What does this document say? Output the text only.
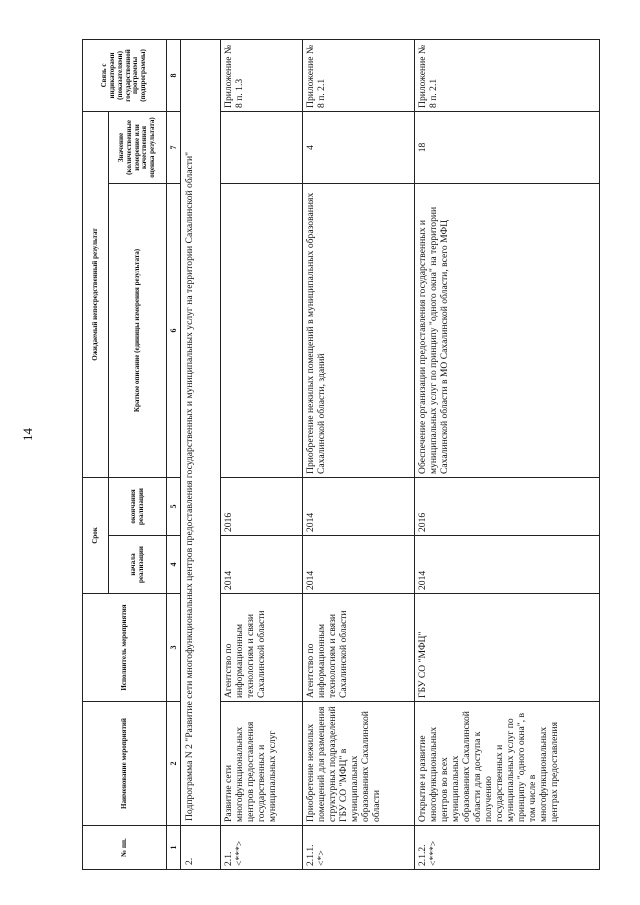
14
№ пп.	Наименование мероприятий	Исполнитель мероприятия	Срок		Ожидаемый непосредственный результат		Связь с индикаторами (показателями) государственной программы (подпрограммы)
			начала реализации	окончания реализации	Краткое описание (единицы измерения результата)	Значение (количественные измерение или качественная оценка результата)	
1	2	3	4	5	6	7	8
2.	Подпрограмма N 2 "Развитие сети многофункциональных центров предоставления государственных и муниципальных услуг на территории Сахалинской области"						
2.1. <***>	Развитие сети многофункциональных центров предоставления государственных и муниципальных услуг	Агентство по информационным технологиям и связи Сахалинской области	2014	2016			Приложение № 8 п. 1.3
2.1.1. <*>	Приобретение нежилых помещений для размещения структурных подразделений ГБУ СО "МФЦ" в муниципальных образованиях Сахалинской области	Агентство по информационным технологиям и связи Сахалинской области	2014	2014	Приобретение нежилых помещений в муниципальных образованиях Сахалинской области, зданий	4	Приложение № 8 п. 2.1
2.1.2. <***>	Открытие и развитие многофункциональных центров во всех муниципальных образованиях Сахалинской области для доступа к получению государственных и муниципальных услуг по принципу "одного окна", в том числе в многофункциональных центрах предоставления	ГБУ СО "МФЦ"	2014	2016	Обеспечение организации предоставления государственных и муниципальных услуг по принципу "одного окна" на территории Сахалинской области в МО Сахалинской области, всего МФЦ	18	Приложение № 8 п. 2.1
